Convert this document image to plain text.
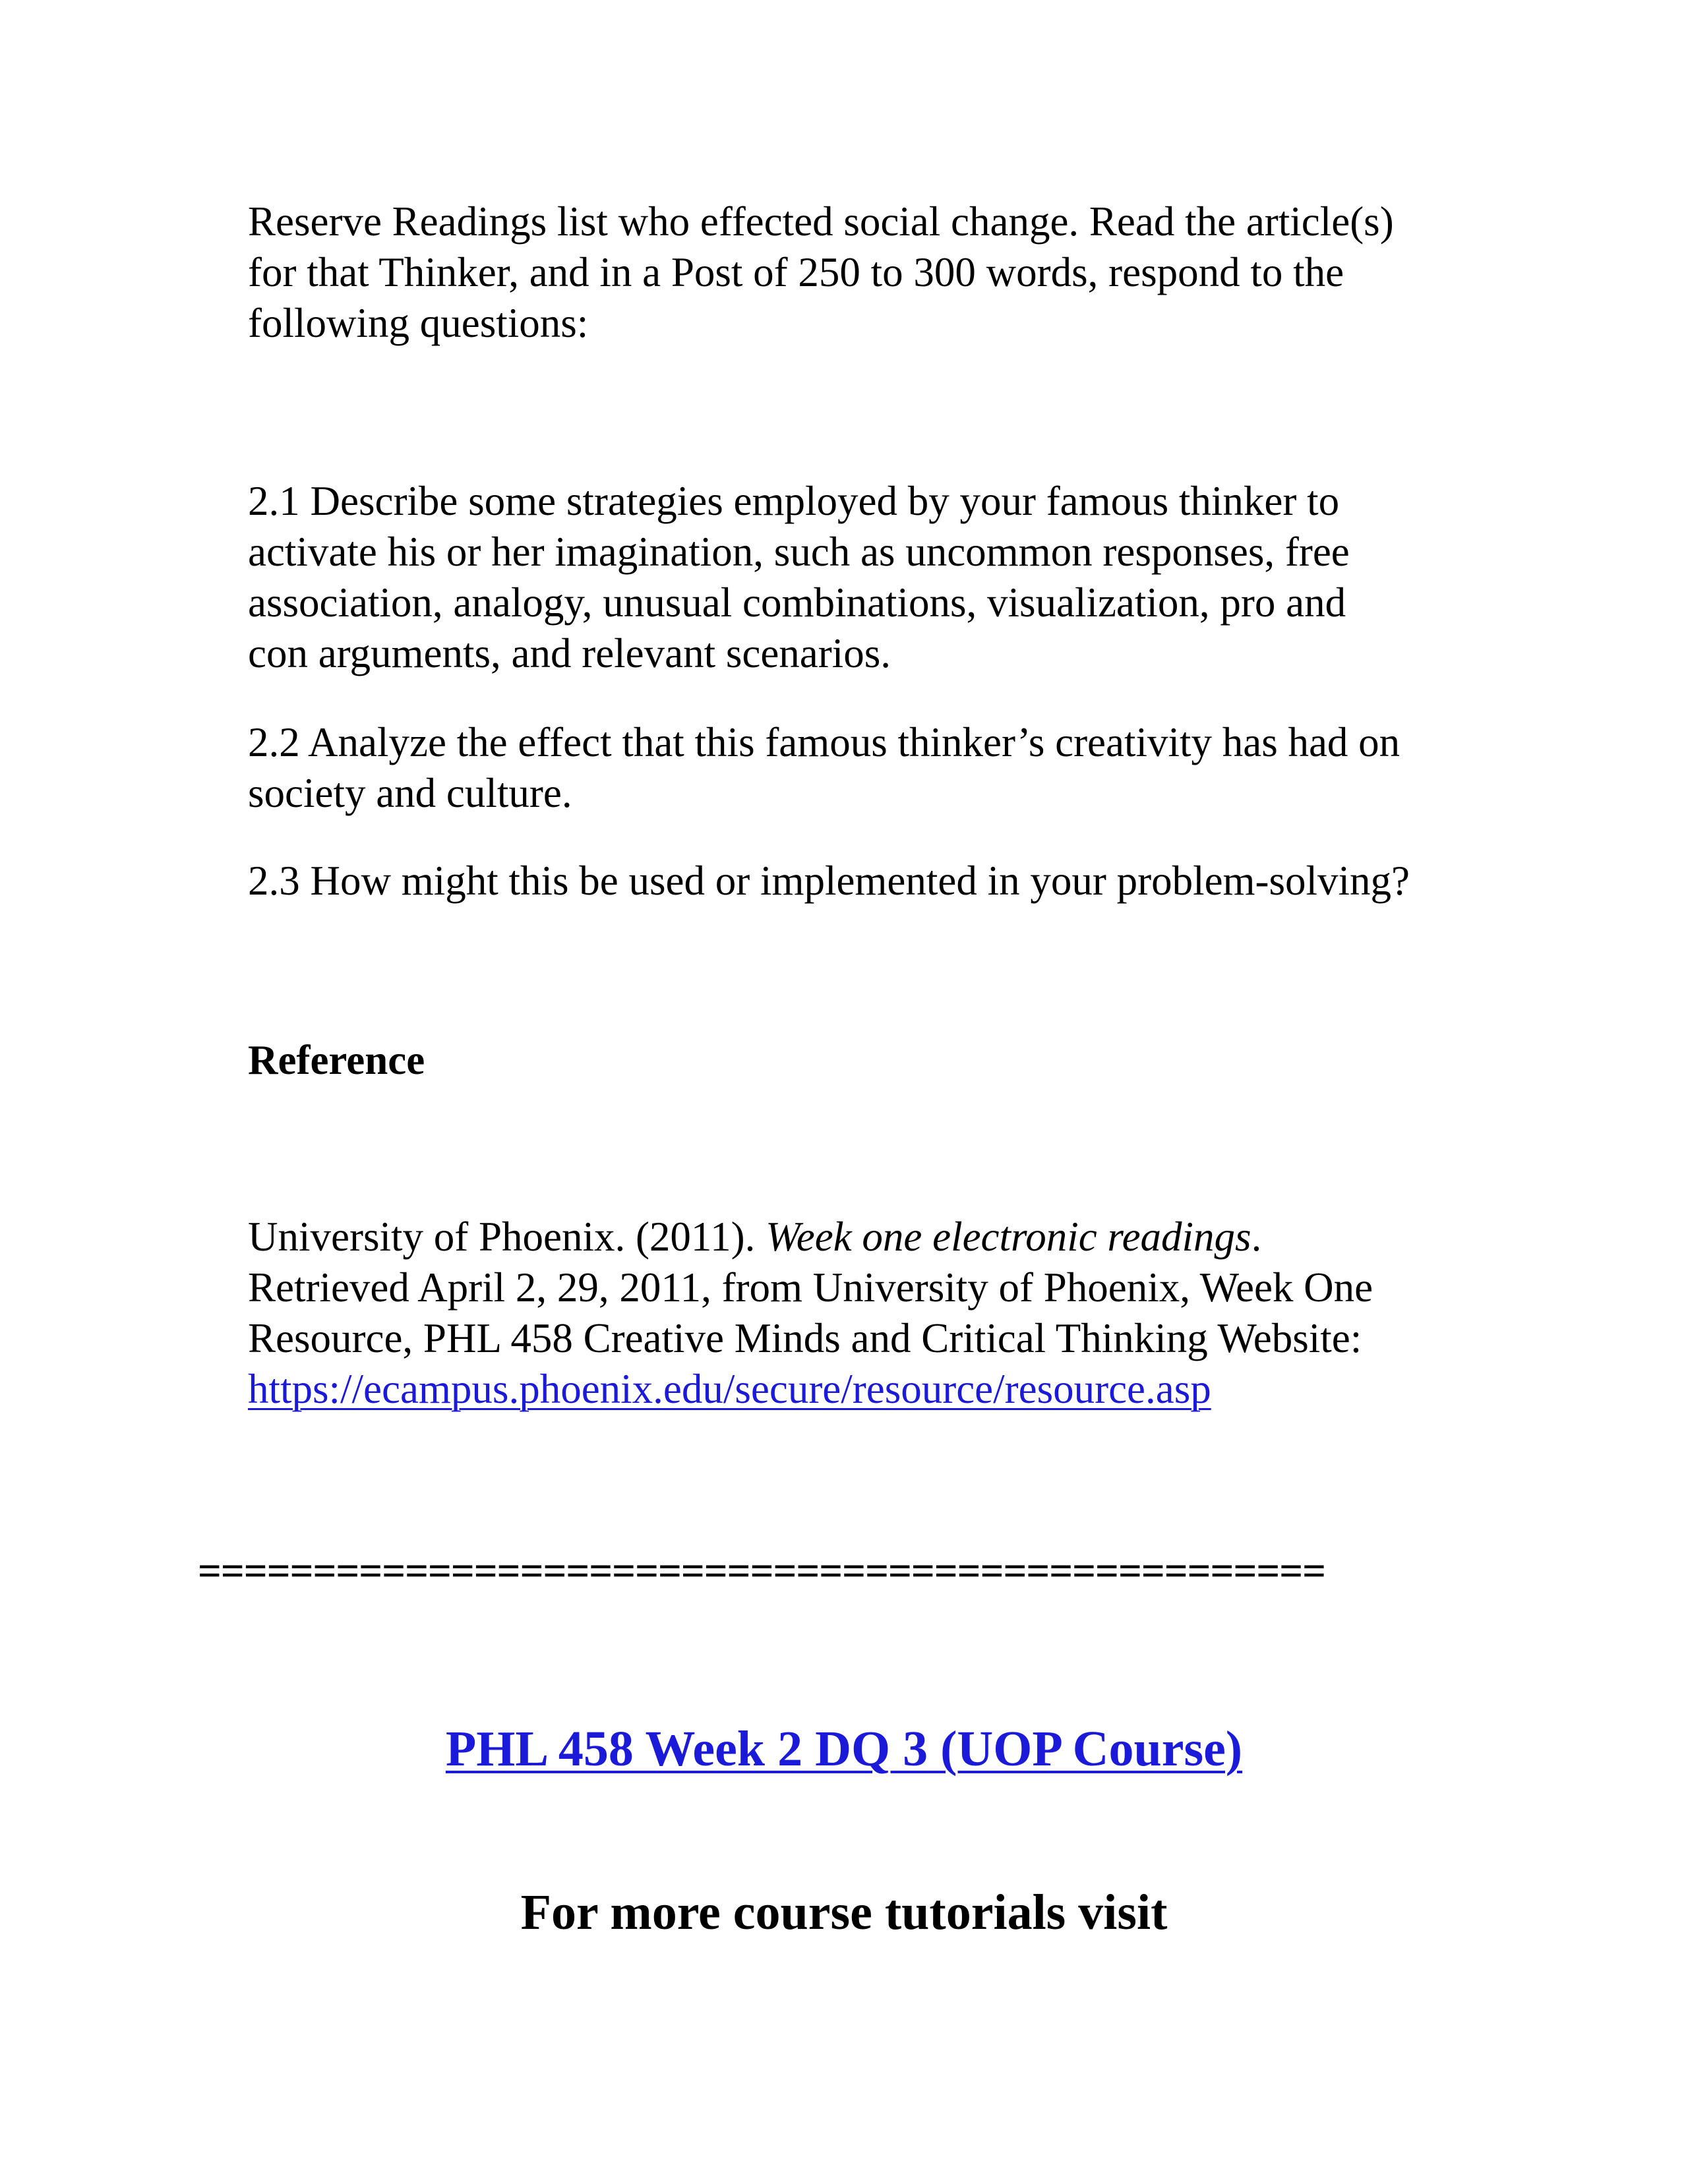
Reserve Readings list who effected social change. Read the article(s)
for that Thinker, and in a Post of 250 to 300 words, respond to the
following questions:

2.1 Describe some strategies employed by your famous thinker to
activate his or her imagination, such as uncommon responses, free
association, analogy, unusual combinations, visualization, pro and
con arguments, and relevant scenarios.

2.2 Analyze the effect that this famous thinker’s creativity has had on
society and culture.

2.3 How might this be used or implemented in your problem-solving?

Reference

University of Phoenix. (2011). Week one electronic readings.
Retrieved April 2, 29, 2011, from University of Phoenix, Week One
Resource, PHL 458 Creative Minds and Critical Thinking Website:
https://ecampus.phoenix.edu/secure/resource/resource.asp

=================================================

PHL 458 Week 2 DQ 3 (UOP Course)

For more course tutorials visit
